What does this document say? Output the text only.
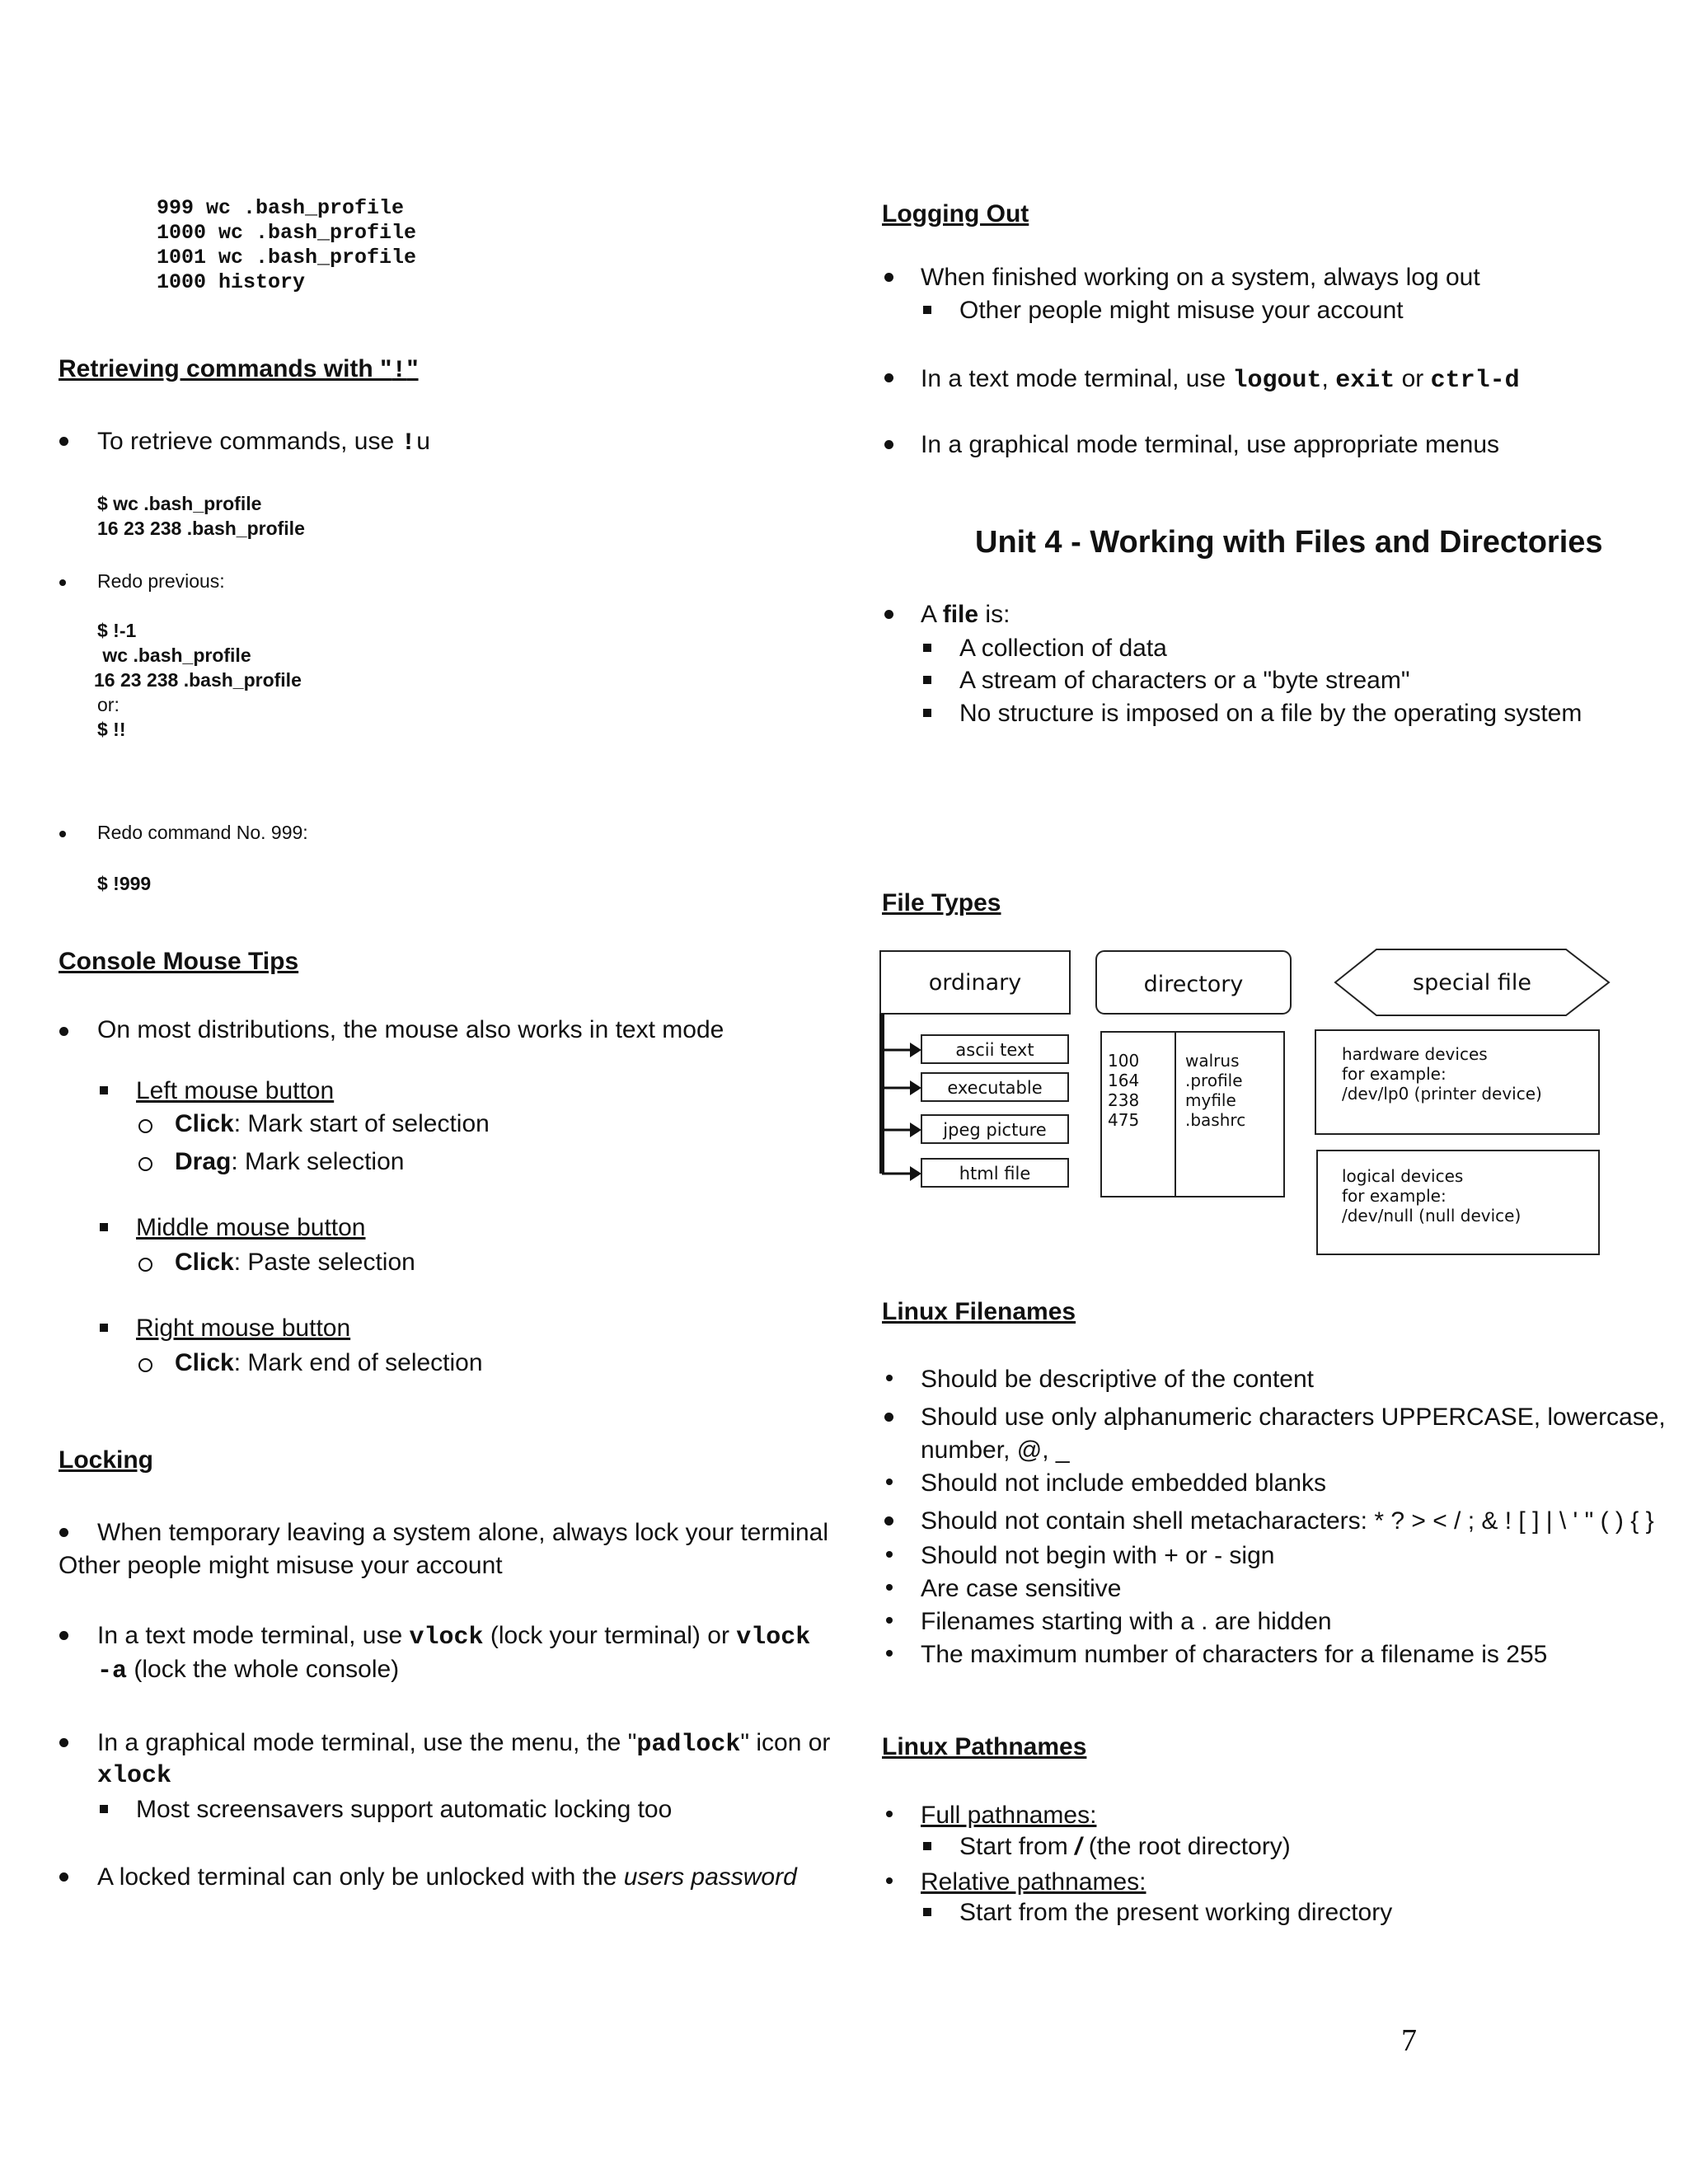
999 wc .bash_profile
1000 wc .bash_profile
1001 wc .bash_profile
1000 history
Retrieving commands with "!"
To retrieve commands, use !u
$ wc .bash_profile
16 23 238 .bash_profile
Redo previous:
$ !-1
wc .bash_profile
16 23 238 .bash_profile
or:
$ !!
Redo command No. 999:
$ !999
Console Mouse Tips
On most distributions, the mouse also works in text mode
Left mouse button
Click: Mark start of selection
Drag: Mark selection
Middle mouse button
Click: Paste selection
Right mouse button
Click: Mark end of selection
Locking
When temporary leaving a system alone, always lock your terminal
Other people might misuse your account
In a text mode terminal, use vlock (lock your terminal) or vlock
-a (lock the whole console)
In a graphical mode terminal, use the menu, the "padlock" icon or
xlock
Most screensavers support automatic locking too
A locked terminal can only be unlocked with the users password
Logging Out
When finished working on a system, always log out
Other people might misuse your account
In a text mode terminal, use logout, exit or ctrl-d
In a graphical mode terminal, use appropriate menus
Unit 4 - Working with Files and Directories
A file is:
A collection of data
A stream of characters or a "byte stream"
No structure is imposed on a file by the operating system
File Types
ordinary	directory	special file
ascii text
executable
jpeg picture
html file
100
164
238
475
walrus
.profile
myfile
.bashrc
hardware devices
for example:
/dev/lp0 (printer device)
logical devices
for example:
/dev/null (null device)
Linux Filenames
Should be descriptive of the content
Should use only alphanumeric characters UPPERCASE, lowercase,
number, @, _
Should not include embedded blanks
Should not contain shell metacharacters: * ? > < / ; & ! [ ] | \ ' " ( ) { }
Should not begin with + or - sign
Are case sensitive
Filenames starting with a . are hidden
The maximum number of characters for a filename is 255
Linux Pathnames
Full pathnames:
Start from / (the root directory)
Relative pathnames:
Start from the present working directory
7
